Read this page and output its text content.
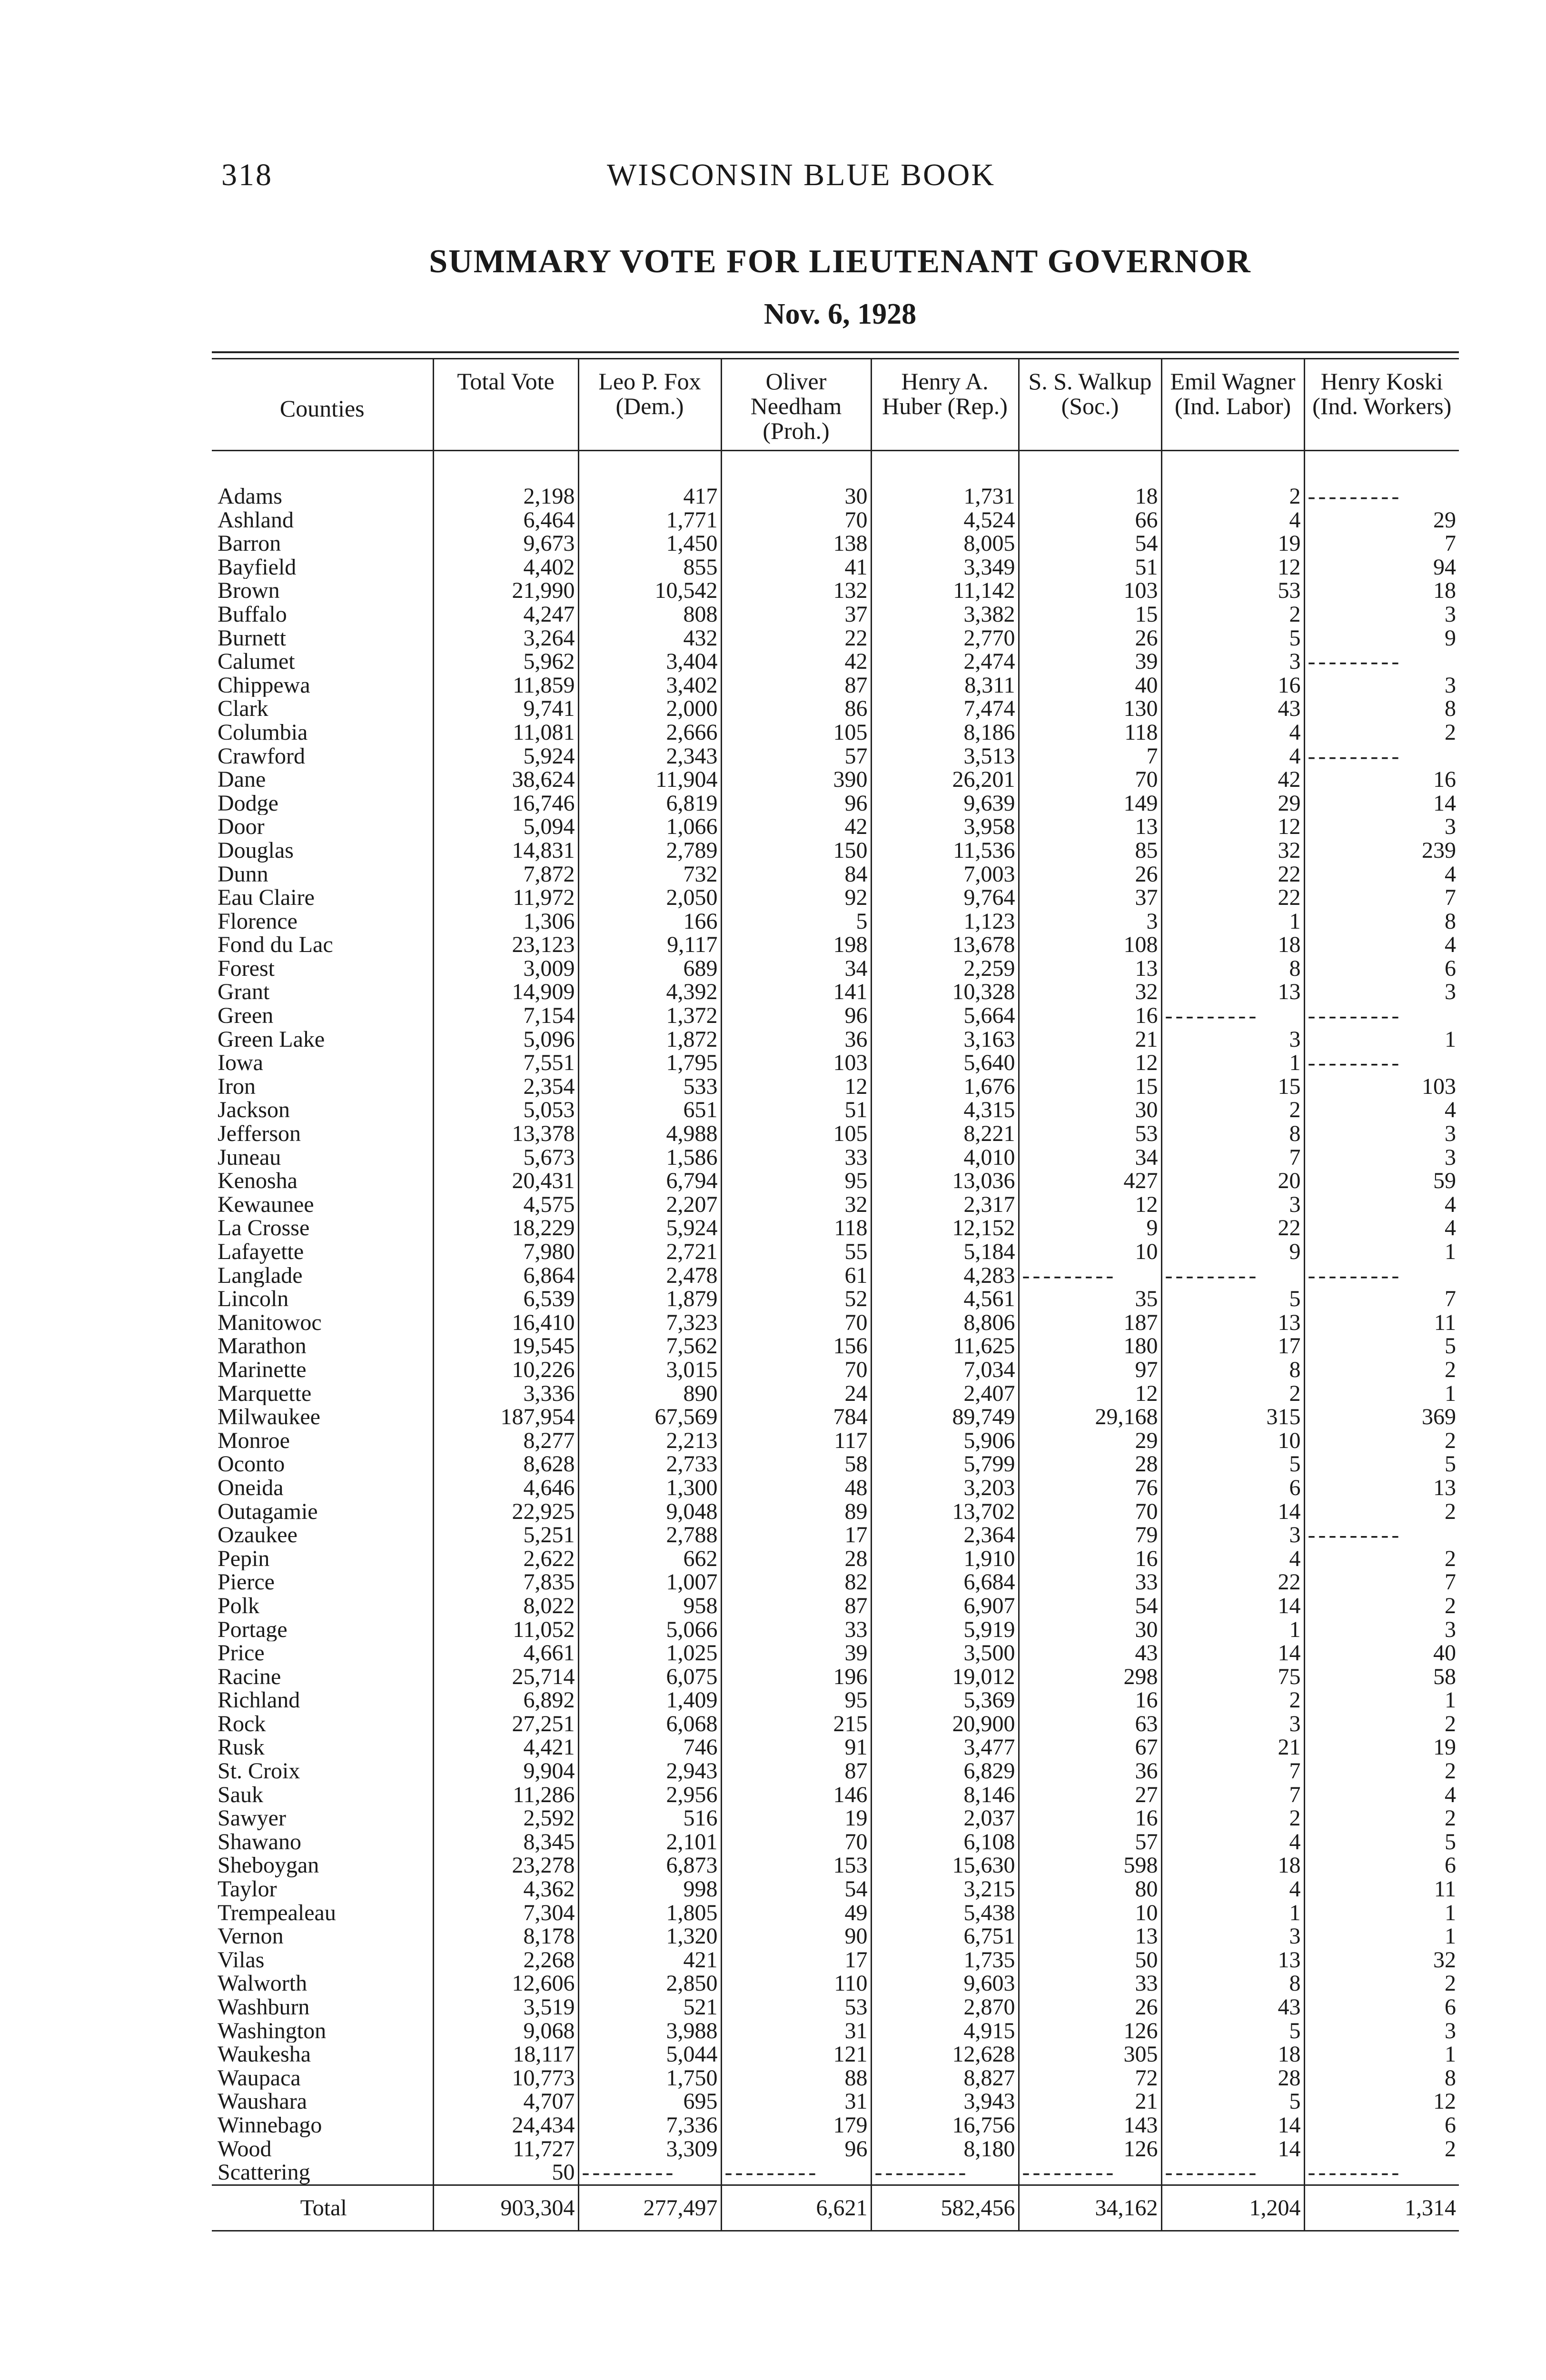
318	WISCONSIN BLUE BOOK
SUMMARY VOTE FOR LIEUTENANT GOVERNOR
Nov. 6, 1928
Counties	Total Vote	Leo P. Fox (Dem.)	Oliver Needham (Proh.)	Henry A. Huber (Rep.)	S. S. Walkup (Soc.)	Emil Wagner (Ind. Labor)	Henry Koski (Ind. Workers)
Adams	2,198	417	30	1,731	18	2	---------
Ashland	6,464	1,771	70	4,524	66	4	29
Barron	9,673	1,450	138	8,005	54	19	7
Bayfield	4,402	855	41	3,349	51	12	94
Brown	21,990	10,542	132	11,142	103	53	18
Buffalo	4,247	808	37	3,382	15	2	3
Burnett	3,264	432	22	2,770	26	5	9
Calumet	5,962	3,404	42	2,474	39	3	---------
Chippewa	11,859	3,402	87	8,311	40	16	3
Clark	9,741	2,000	86	7,474	130	43	8
Columbia	11,081	2,666	105	8,186	118	4	2
Crawford	5,924	2,343	57	3,513	7	4	---------
Dane	38,624	11,904	390	26,201	70	42	16
Dodge	16,746	6,819	96	9,639	149	29	14
Door	5,094	1,066	42	3,958	13	12	3
Douglas	14,831	2,789	150	11,536	85	32	239
Dunn	7,872	732	84	7,003	26	22	4
Eau Claire	11,972	2,050	92	9,764	37	22	7
Florence	1,306	166	5	1,123	3	1	8
Fond du Lac	23,123	9,117	198	13,678	108	18	4
Forest	3,009	689	34	2,259	13	8	6
Grant	14,909	4,392	141	10,328	32	13	3
Green	7,154	1,372	96	5,664	16	---------	---------
Green Lake	5,096	1,872	36	3,163	21	3	1
Iowa	7,551	1,795	103	5,640	12	1	---------
Iron	2,354	533	12	1,676	15	15	103
Jackson	5,053	651	51	4,315	30	2	4
Jefferson	13,378	4,988	105	8,221	53	8	3
Juneau	5,673	1,586	33	4,010	34	7	3
Kenosha	20,431	6,794	95	13,036	427	20	59
Kewaunee	4,575	2,207	32	2,317	12	3	4
La Crosse	18,229	5,924	118	12,152	9	22	4
Lafayette	7,980	2,721	55	5,184	10	9	1
Langlade	6,864	2,478	61	4,283	---------	---------	---------
Lincoln	6,539	1,879	52	4,561	35	5	7
Manitowoc	16,410	7,323	70	8,806	187	13	11
Marathon	19,545	7,562	156	11,625	180	17	5
Marinette	10,226	3,015	70	7,034	97	8	2
Marquette	3,336	890	24	2,407	12	2	1
Milwaukee	187,954	67,569	784	89,749	29,168	315	369
Monroe	8,277	2,213	117	5,906	29	10	2
Oconto	8,628	2,733	58	5,799	28	5	5
Oneida	4,646	1,300	48	3,203	76	6	13
Outagamie	22,925	9,048	89	13,702	70	14	2
Ozaukee	5,251	2,788	17	2,364	79	3	---------
Pepin	2,622	662	28	1,910	16	4	2
Pierce	7,835	1,007	82	6,684	33	22	7
Polk	8,022	958	87	6,907	54	14	2
Portage	11,052	5,066	33	5,919	30	1	3
Price	4,661	1,025	39	3,500	43	14	40
Racine	25,714	6,075	196	19,012	298	75	58
Richland	6,892	1,409	95	5,369	16	2	1
Rock	27,251	6,068	215	20,900	63	3	2
Rusk	4,421	746	91	3,477	67	21	19
St. Croix	9,904	2,943	87	6,829	36	7	2
Sauk	11,286	2,956	146	8,146	27	7	4
Sawyer	2,592	516	19	2,037	16	2	2
Shawano	8,345	2,101	70	6,108	57	4	5
Sheboygan	23,278	6,873	153	15,630	598	18	6
Taylor	4,362	998	54	3,215	80	4	11
Trempealeau	7,304	1,805	49	5,438	10	1	1
Vernon	8,178	1,320	90	6,751	13	3	1
Vilas	2,268	421	17	1,735	50	13	32
Walworth	12,606	2,850	110	9,603	33	8	2
Washburn	3,519	521	53	2,870	26	43	6
Washington	9,068	3,988	31	4,915	126	5	3
Waukesha	18,117	5,044	121	12,628	305	18	1
Waupaca	10,773	1,750	88	8,827	72	28	8
Waushara	4,707	695	31	3,943	21	5	12
Winnebago	24,434	7,336	179	16,756	143	14	6
Wood	11,727	3,309	96	8,180	126	14	2
Scattering	50	---------	---------	---------	---------	---------	---------
Total	903,304	277,497	6,621	582,456	34,162	1,204	1,314
